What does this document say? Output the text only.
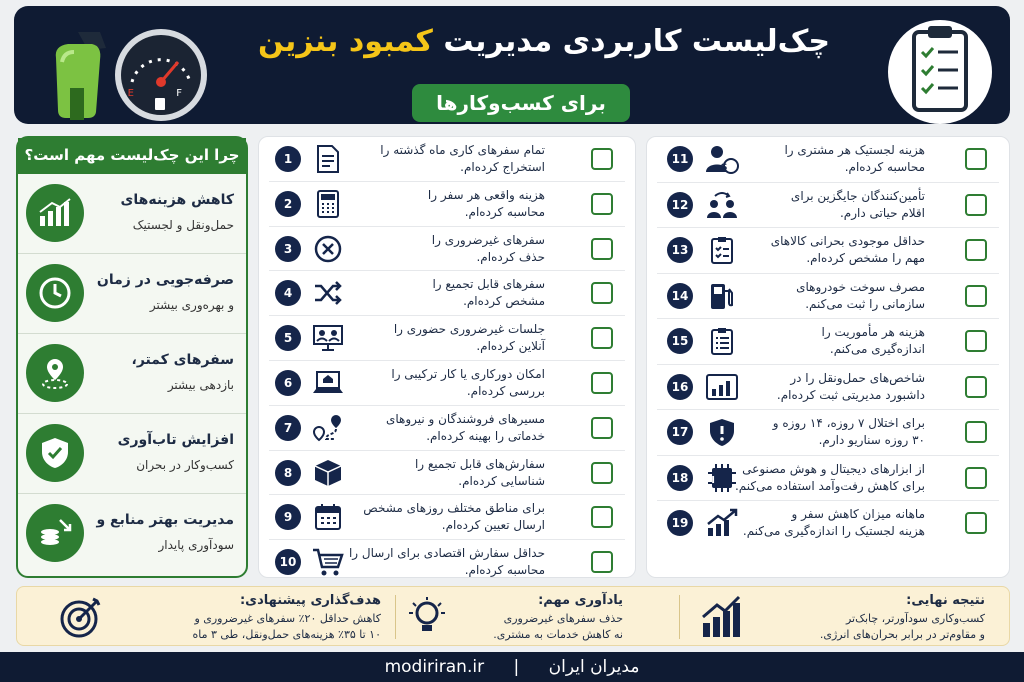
E	F
چک‌لیست کاربردی مدیریت کمبود بنزین
برای کسب‌وکارها
چرا این چک‌لیست مهم است؟
کاهش هزینه‌های
حمل‌ونقل و لجستیک
صرفه‌جویی در زمان
و بهره‌وری بیشتر
سفرهای کمتر،
بازدهی بیشتر
افزایش تاب‌آوری
کسب‌وکار در بحران
مدیریت بهتر منابع و
سودآوری پایدار
1
تمام سفرهای کاری ماه گذشته را
استخراج کرده‌ام.
2
هزینه واقعی هر سفر را
محاسبه کرده‌ام.
3
سفرهای غیرضروری را
حذف کرده‌ام.
4
سفرهای قابل تجمیع را
مشخص کرده‌ام.
5
جلسات غیرضروری حضوری را
آنلاین کرده‌ام.
6
امکان دورکاری یا کار ترکیبی را
بررسی کرده‌ام.
7
مسیرهای فروشندگان و نیروهای
خدماتی را بهینه کرده‌ام.
8
سفارش‌های قابل تجمیع را
شناسایی کرده‌ام.
9
برای مناطق مختلف روزهای مشخص
ارسال تعیین کرده‌ام.
10
حداقل سفارش اقتصادی برای ارسال را
محاسبه کرده‌ام.
11
$
هزینه لجستیک هر مشتری را
محاسبه کرده‌ام.
12
تأمین‌کنندگان جایگزین برای
اقلام حیاتی دارم.
13
حداقل موجودی بحرانی کالاهای
مهم را مشخص کرده‌ام.
14
مصرف سوخت خودروهای
سازمانی را ثبت می‌کنم.
15
هزینه هر مأموریت را
اندازه‌گیری می‌کنم.
16
شاخص‌های حمل‌ونقل را در
داشبورد مدیریتی ثبت کرده‌ام.
17
برای اختلال ۷ روزه، ۱۴ روزه و
۳۰ روزه سناریو دارم.
18	AI
از ابزارهای دیجیتال و هوش مصنوعی
برای کاهش رفت‌وآمد استفاده می‌کنم.
19
ماهانه میزان کاهش سفر و
هزینه لجستیک را اندازه‌گیری می‌کنم.
نتیجه نهایی:
کسب‌وکاری سودآورتر، چابک‌تر
و مقاوم‌تر در برابر بحران‌های انرژی.
یادآوری مهم:
حذف سفرهای غیرضروری
نه کاهش خدمات به مشتری.
هدف‌گذاری پیشنهادی:
کاهش حداقل ۲۰٪ سفرهای غیرضروری و
۱۰ تا ۳۵٪ هزینه‌های حمل‌ونقل، طی ۳ ماه
modiriran.ir | مدیران ایران
